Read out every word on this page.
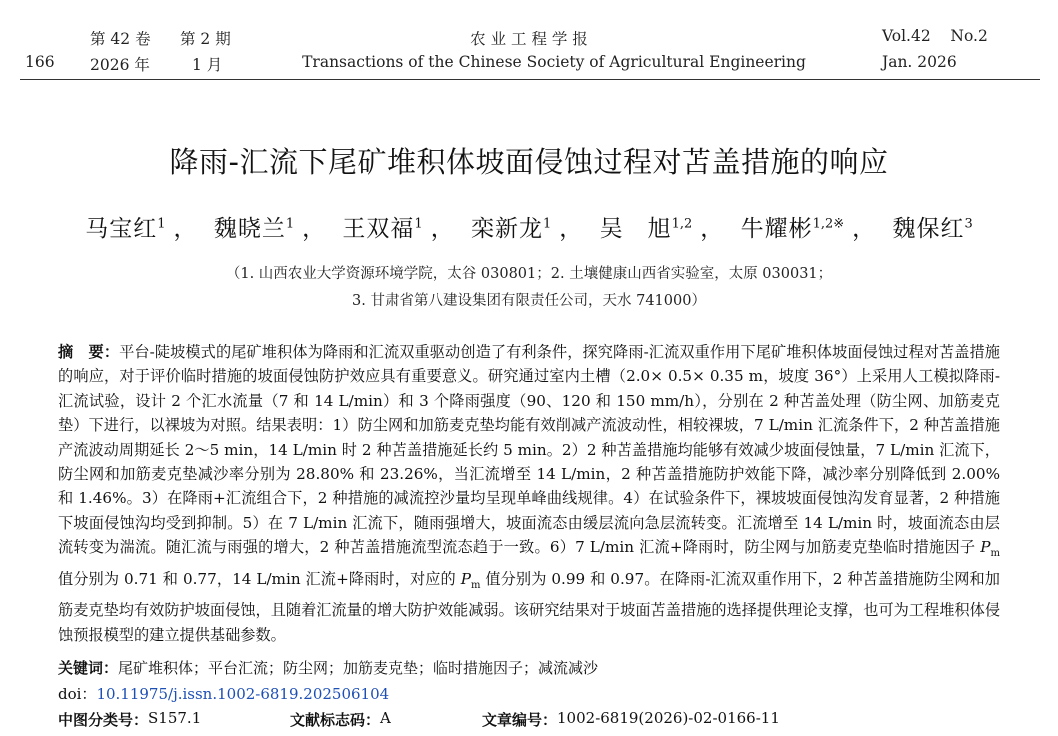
第 42 卷 第 2 期	农 业 工 程 学 报	Vol.42    No.2
166 2026 年	1 月	Transactions of the Chinese Society of Agricultural Engineering	Jan. 2026
降雨-汇流下尾矿堆积体坡面侵蚀过程对苫盖措施的响应
马宝红$^1$ ， 魏晓兰$^1$ ， 王双福$^1$ ， 栾新龙$^1$ ， 吴　旭$^{1,2}$ ， 牛耀彬$^{1,2※}$ ， 魏保红$^3$
（1. 山西农业大学资源环境学院，太谷 030801；2. 土壤健康山西省实验室，太原 030031；
3. 甘肃省第八建设集团有限责任公司，天水 741000）
摘　要：平台-陡坡模式的尾矿堆积体为降雨和汇流双重驱动创造了有利条件，探究降雨-汇流双重作用下尾矿堆积体坡面侵蚀过程对苫盖措施的响应，对于评价临时措施的坡面侵蚀防护效应具有重要意义。研究通过室内土槽（2.0× 0.5× 0.35 m，坡度 36°）上采用人工模拟降雨-汇流试验，设计 2 个汇水流量（7 和 14 L/min）和 3 个降雨强度（90、120 和 150 mm/h），分别在 2 种苫盖处理（防尘网、加筋麦克垫）下进行，以裸坡为对照。结果表明：1）防尘网和加筋麦克垫均能有效削减产流波动性，相较裸坡，7 L/min 汇流条件下，2 种苫盖措施产流波动周期延长 2～5 min，14 L/min 时 2 种苫盖措施延长约 5 min。2）2 种苫盖措施均能够有效减少坡面侵蚀量，7 L/min 汇流下，防尘网和加筋麦克垫减沙率分别为 28.80% 和 23.26%，当汇流增至 14 L/min，2 种苫盖措施防护效能下降，减沙率分别降低到 2.00% 和 1.46%。3）在降雨+汇流组合下，2 种措施的减流控沙量均呈现单峰曲线规律。4）在试验条件下，裸坡坡面侵蚀沟发育显著，2 种措施下坡面侵蚀沟均受到抑制。5）在 7 L/min 汇流下，随雨强增大，坡面流态由缓层流向急层流转变。汇流增至 14 L/min 时，坡面流态由层流转变为湍流。随汇流与雨强的增大，2 种苫盖措施流型流态趋于一致。6）7 L/min 汇流+降雨时，防尘网与加筋麦克垫临时措施因子 $P_m$ 值分别为 0.71 和 0.77，14 L/min 汇流+降雨时，对应的 $P_m$ 值分别为 0.99 和 0.97。在降雨-汇流双重作用下，2 种苫盖措施防尘网和加筋麦克垫均有效防护坡面侵蚀，且随着汇流量的增大防护效能减弱。该研究结果对于坡面苫盖措施的选择提供理论支撑，也可为工程堆积体侵蚀预报模型的建立提供基础参数。
关键词：尾矿堆积体；平台汇流；防尘网；加筋麦克垫；临时措施因子；减流减沙
doi：10.11975/j.issn.1002-6819.202506104
中图分类号： S157.1	文献标志码： A	文章编号： 1002-6819(2026)-02-0166-11
